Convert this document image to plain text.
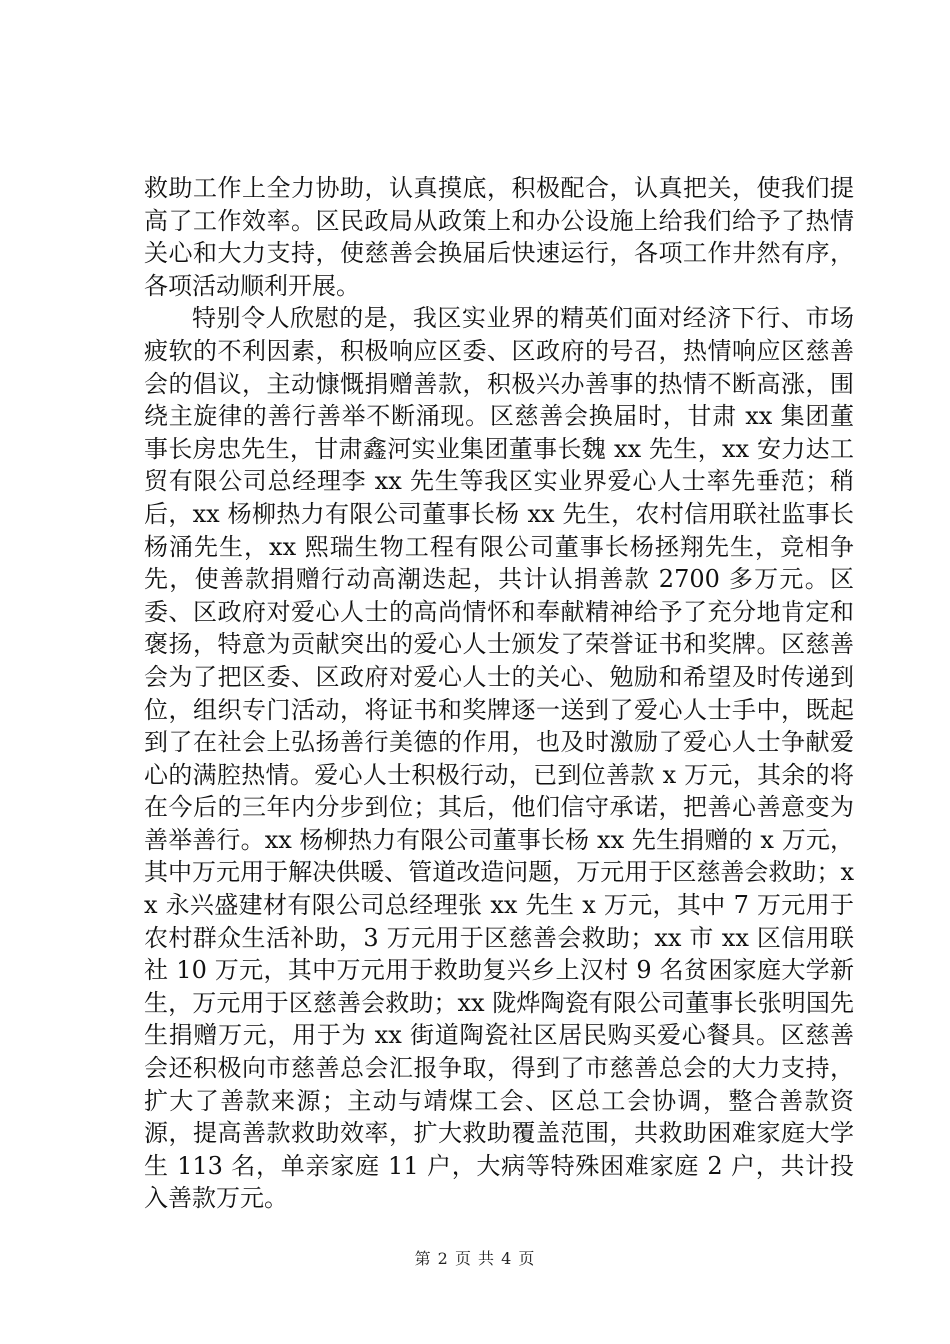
救助工作上全力协助，认真摸底，积极配合，认真把关，使我们提高了工作效率。区民政局从政策上和办公设施上给我们给予了热情关心和大力支持，使慈善会换届后快速运行，各项工作井然有序，各项活动顺利开展。

特别令人欣慰的是，我区实业界的精英们面对经济下行、市场疲软的不利因素，积极响应区委、区政府的号召，热情响应区慈善会的倡议，主动慷慨捐赠善款，积极兴办善事的热情不断高涨，围绕主旋律的善行善举不断涌现。区慈善会换届时，甘肃 xx 集团董事长房忠先生，甘肃鑫河实业集团董事长魏 xx 先生，xx 安力达工贸有限公司总经理李 xx 先生等我区实业界爱心人士率先垂范；稍后，xx 杨柳热力有限公司董事长杨 xx 先生，农村信用联社监事长杨涌先生，xx 熙瑞生物工程有限公司董事长杨拯翔先生，竞相争先，使善款捐赠行动高潮迭起，共计认捐善款 2700 多万元。区委、区政府对爱心人士的高尚情怀和奉献精神给予了充分地肯定和褒扬，特意为贡献突出的爱心人士颁发了荣誉证书和奖牌。区慈善会为了把区委、区政府对爱心人士的关心、勉励和希望及时传递到位，组织专门活动，将证书和奖牌逐一送到了爱心人士手中，既起到了在社会上弘扬善行美德的作用，也及时激励了爱心人士争献爱心的满腔热情。爱心人士积极行动，已到位善款 x 万元，其余的将在今后的三年内分步到位；其后，他们信守承诺，把善心善意变为善举善行。xx 杨柳热力有限公司董事长杨 xx 先生捐赠的 x 万元，其中万元用于解决供暖、管道改造问题，万元用于区慈善会救助；xx 永兴盛建材有限公司总经理张 xx 先生 x 万元，其中 7 万元用于农村群众生活补助，3 万元用于区慈善会救助；xx 市 xx 区信用联社 10 万元，其中万元用于救助复兴乡上汉村 9 名贫困家庭大学新生，万元用于区慈善会救助；xx 陇烨陶瓷有限公司董事长张明国先生捐赠万元，用于为 xx 街道陶瓷社区居民购买爱心餐具。区慈善会还积极向市慈善总会汇报争取，得到了市慈善总会的大力支持，扩大了善款来源；主动与靖煤工会、区总工会协调，整合善款资源，提高善款救助效率，扩大救助覆盖范围，共救助困难家庭大学生 113 名，单亲家庭 11 户，大病等特殊困难家庭 2 户，共计投入善款万元。

第 2 页 共 4 页
